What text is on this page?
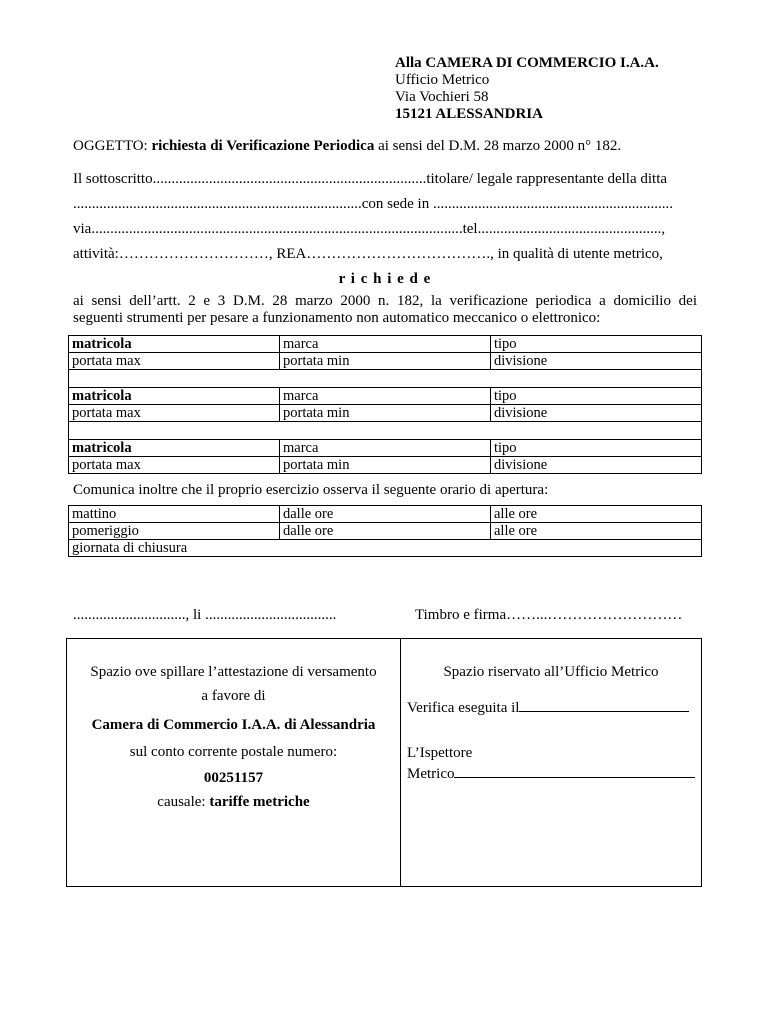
Alla CAMERA DI COMMERCIO I.A.A.
Ufficio Metrico
Via Vochieri 58
15121 ALESSANDRIA
OGGETTO: richiesta di Verificazione Periodica ai sensi del D.M. 28 marzo 2000 n° 182.
Il sottoscritto.........................................................................titolare/ legale rappresentante della ditta
.............................................................................con sede in ................................................................
via...................................................................................................tel.................................................,
attività:…………………………, REA………………………………., in qualità di utente metrico,
r i c h i e d e
ai sensi dell’artt. 2 e 3 D.M. 28 marzo 2000 n. 182, la verificazione periodica a domicilio dei
seguenti strumenti per pesare a funzionamento non automatico meccanico o elettronico:
matricola	marca	tipo
portata max	portata min	divisione

matricola	marca	tipo
portata max	portata min	divisione

matricola	marca	tipo
portata max	portata min	divisione
Comunica inoltre che il proprio esercizio osserva il seguente orario di apertura:
mattino	dalle ore	alle ore
pomeriggio	dalle ore	alle ore
giornata di chiusura		
.............................., li ...................................	Timbro e firma……...………………………
Spazio ove spillare l’attestazione di versamento
a favore di
Camera di Commercio I.A.A. di Alessandria
sul conto corrente postale numero:
00251157
causale: tariffe metriche
Spazio riservato all’Ufficio Metrico
Verifica eseguita il
L’Ispettore
Metrico
